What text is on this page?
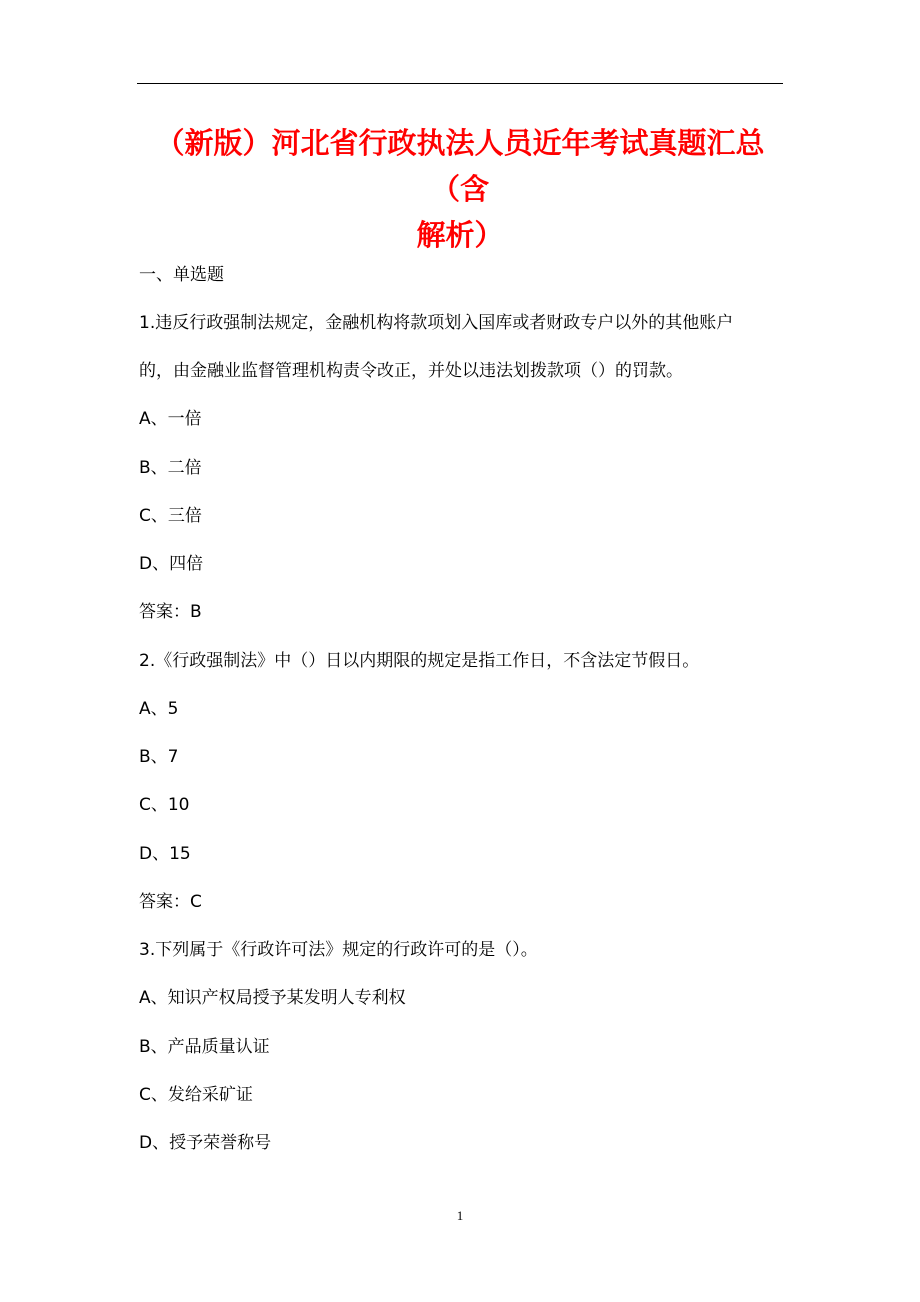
（新版）河北省行政执法人员近年考试真题汇总（含
解析）
一、单选题
1.违反行政强制法规定，金融机构将款项划入国库或者财政专户以外的其他账户
的，由金融业监督管理机构责令改正，并处以违法划拨款项（）的罚款。
A、一倍
B、二倍
C、三倍
D、四倍
答案：B
2.《行政强制法》中（）日以内期限的规定是指工作日，不含法定节假日。
A、5
B、7
C、10
D、15
答案：C
3.下列属于《行政许可法》规定的行政许可的是（）。
A、知识产权局授予某发明人专利权
B、产品质量认证
C、发给采矿证
D、授予荣誉称号
1
